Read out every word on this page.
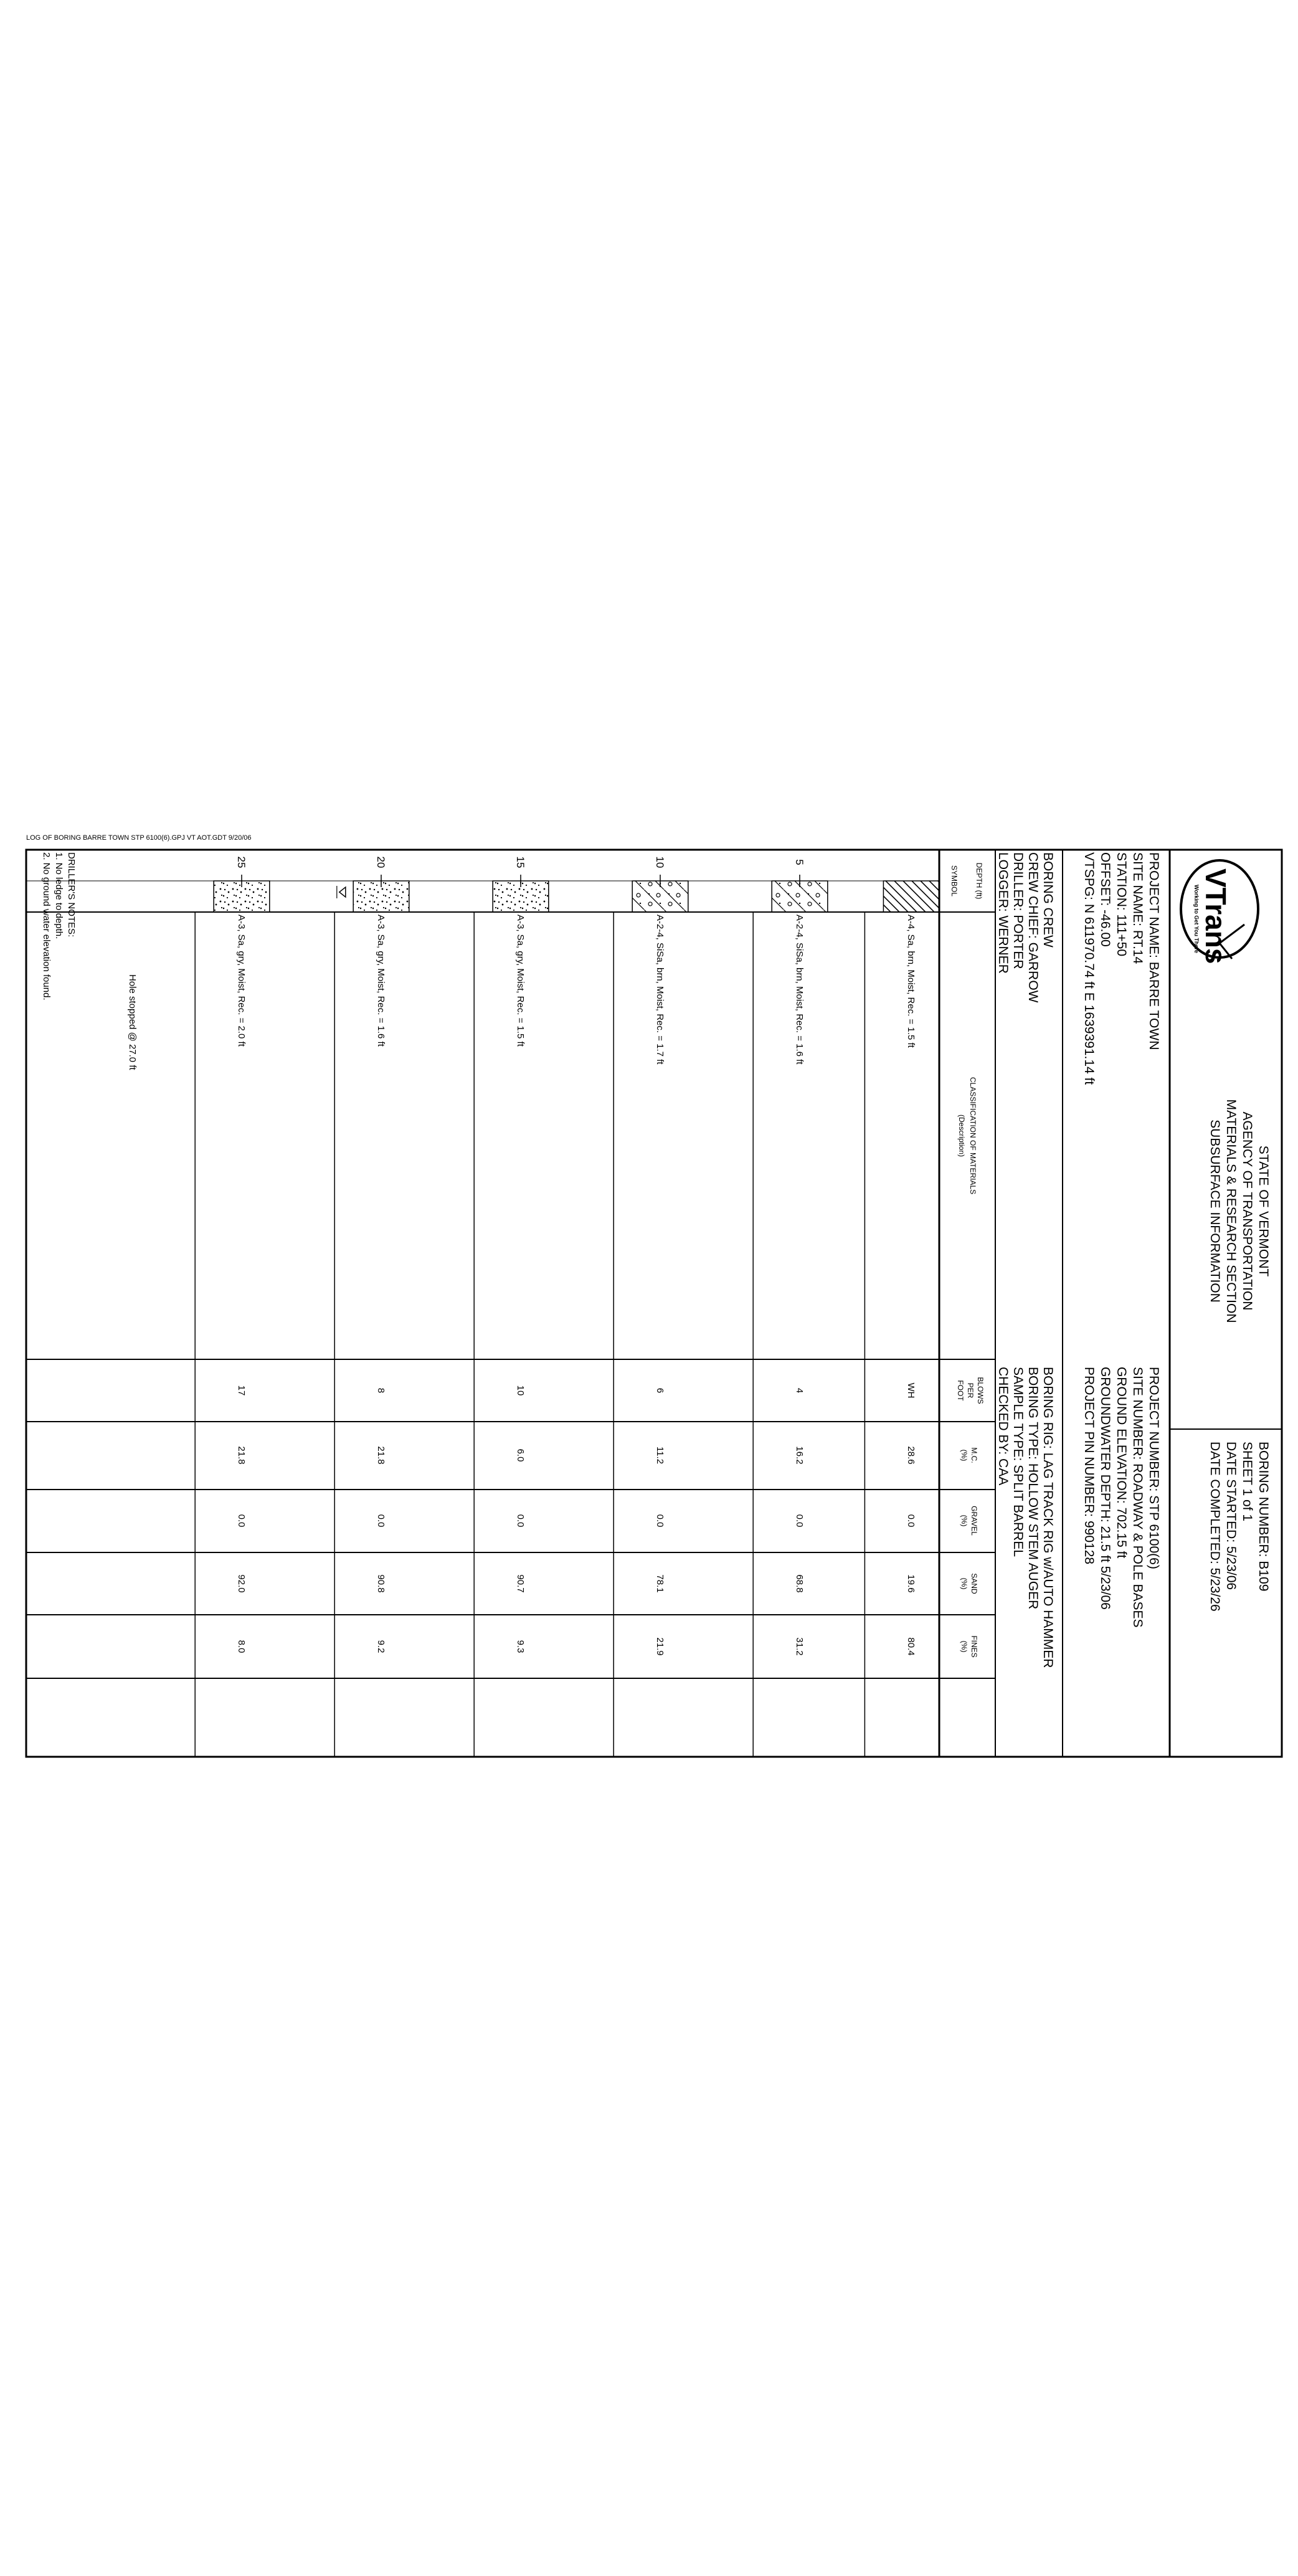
LOG OF BORING BARRE TOWN STP 6100(6).GPJ VT AOT.GDT 9/20/06
VTrans
Working to Get You There
STATE OF VERMONT
AGENCY OF TRANSPORTATION
MATERIALS & RESEARCH SECTION
SUBSURFACE INFORMATION
BORING NUMBER: B109
SHEET 1 of 1
DATE STARTED: 5/23/06
DATE COMPLETED: 5/23/26
PROJECT NAME: BARRE TOWN
SITE NAME: RT.14
STATION: 111+50
OFFSET: -46.00
VTSPG: N 611970.74 ft E 1639391.14 ft
PROJECT NUMBER: STP 6100(6)
SITE NUMBER: ROADWAY & POLE BASES
GROUND ELEVATION: 702.15 ft
GROUNDWATER DEPTH: 21.5 ft 5/23/06
PROJECT PIN NUMBER: 990128
BORING CREW
CREW CHIEF: GARROW
DRILLER: PORTER
LOGGER: WERNER
BORING RIG: LAG TRACK RIG w/AUTO HAMMER
BORING TYPE: HOLLOW STEM AUGER
SAMPLE TYPE: SPLIT BARREL
CHECKED BY: CAA
DEPTH (ft)
SYMBOL
CLASSIFICATION OF MATERIALS
(Description)
BLOWS
PER
FOOT
M.C.
(%)
GRAVEL
(%)
SAND
(%)
FINES
(%)
5
10
15
20
25
A-4, Sa, brn, Moist, Rec. = 1.5 ft
WH
28.6
0.0
19.6
80.4
A-2-4, SiSa, brn, Moist, Rec. = 1.6 ft
4
16.2
0.0
68.8
31.2
A-2-4, SiSa, brn, Moist, Rec. = 1.7 ft
6
11.2
0.0
78.1
21.9
A-3, Sa, gry, Moist, Rec. = 1.5 ft
10
6.0
0.0
90.7
9.3
A-3, Sa, gry, Moist, Rec. = 1.6 ft
8
21.8
0.0
90.8
9.2
A-3, Sa, gry, Moist, Rec. = 2.0 ft
17
21.8
0.0
92.0
8.0
Hole stopped @ 27.0 ft
DRILLER'S NOTES:
1. No ledge to depth.
2. No ground water elevation found.
